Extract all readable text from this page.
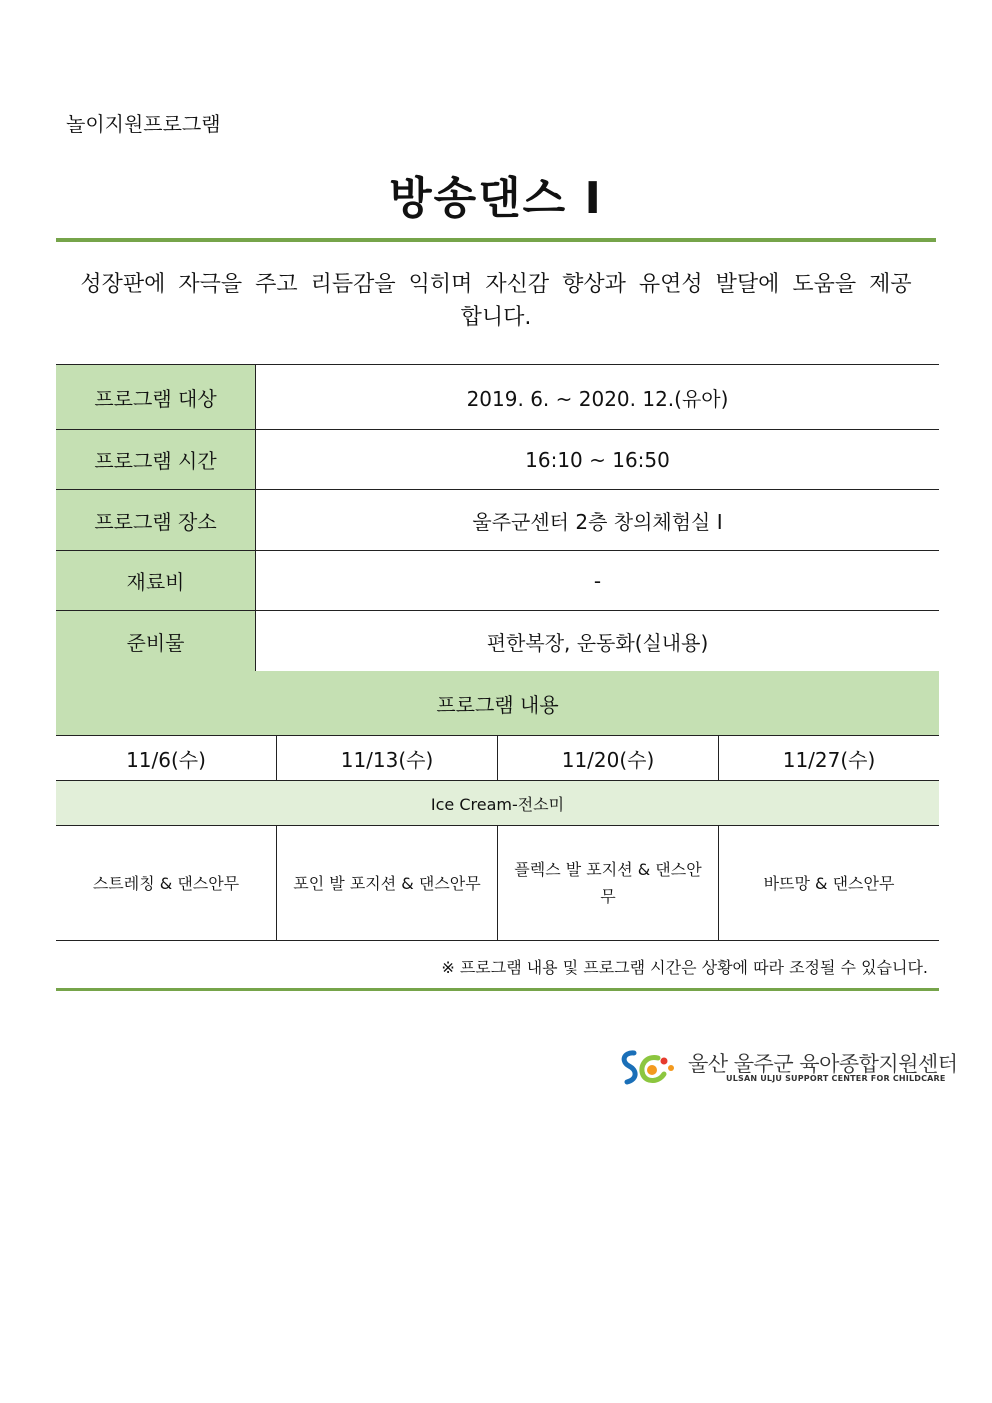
놀이지원프로그램
방송댄스 I
성장판에 자극을 주고 리듬감을 익히며 자신감 향상과 유연성 발달에 도움을 제공합니다.
프로그램 대상	2019. 6. ~ 2020. 12.(유아)
프로그램 시간	16:10 ~ 16:50
프로그램 장소	울주군센터 2층 창의체험실 I
재료비	-
준비물	편한복장, 운동화(실내용)
프로그램 내용			
11/6(수)	11/13(수)	11/20(수)	11/27(수)
Ice Cream-전소미			
스트레칭 & 댄스안무	포인 발 포지션 & 댄스안무	플렉스 발 포지션 & 댄스안무	바뜨망 & 댄스안무
※ 프로그램 내용 및 프로그램 시간은 상황에 따라 조정될 수 있습니다.
울산 울주군 육아종합지원센터
ULSAN ULJU SUPPORT CENTER FOR CHILDCARE
